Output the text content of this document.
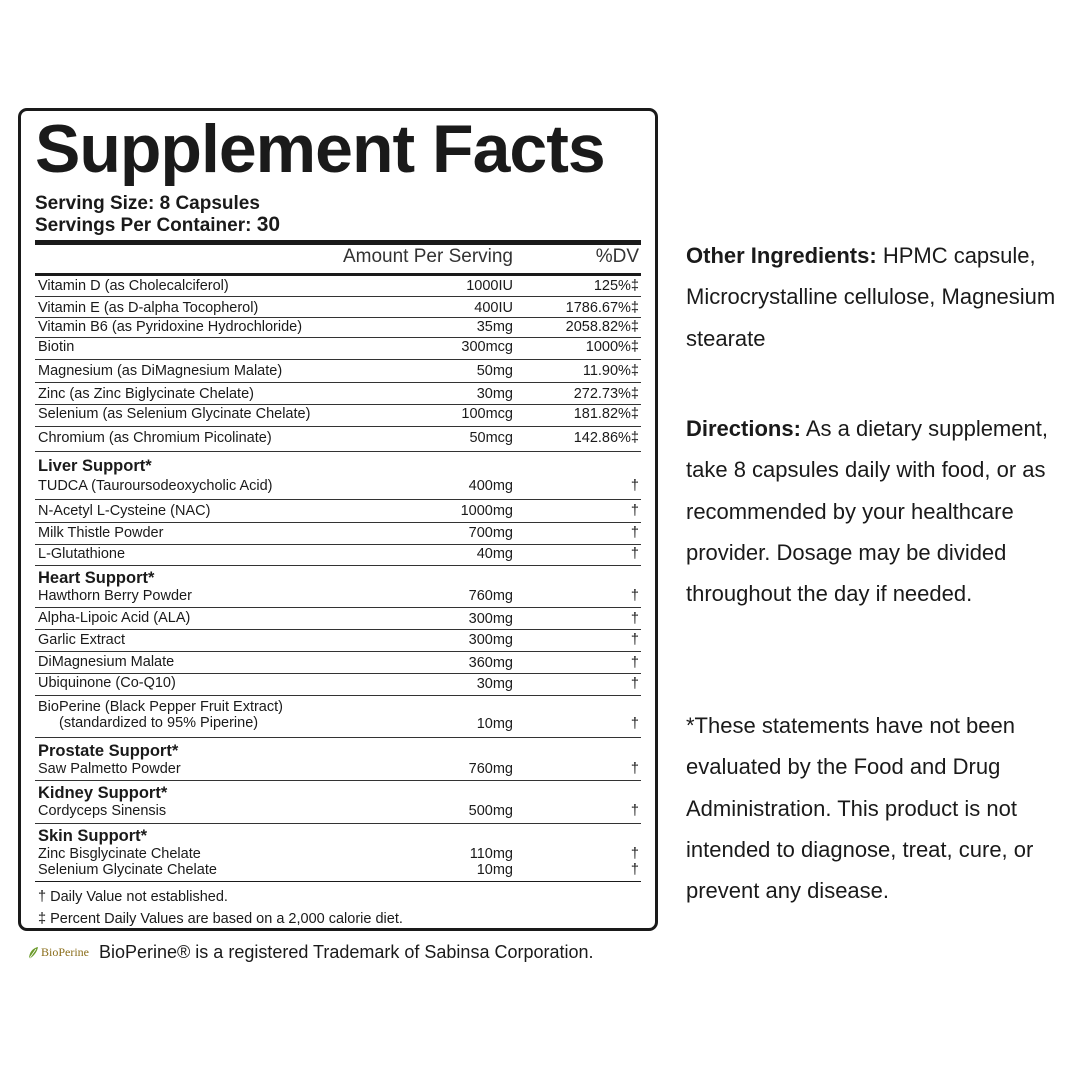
Supplement Facts
Serving Size: 8 Capsules
Servings Per Container: 30
Amount Per Serving	%DV
Vitamin D (as Cholecalciferol)	1000IU	125%‡
Vitamin E (as D-alpha Tocopherol)	400IU	1786.67%‡
Vitamin B6 (as Pyridoxine Hydrochloride)	35mg	2058.82%‡
Biotin	300mcg	1000%‡
Magnesium (as DiMagnesium Malate)	50mg	11.90%‡
Zinc (as Zinc Biglycinate Chelate)	30mg	272.73%‡
Selenium (as Selenium Glycinate Chelate)	100mcg	181.82%‡
Chromium (as Chromium Picolinate)	50mcg	142.86%‡
Liver Support*
TUDCA (Tauroursodeoxycholic Acid)	400mg	†
N-Acetyl L-Cysteine (NAC)	1000mg	†
Milk Thistle Powder	700mg	†
L-Glutathione	40mg	†
Heart Support*
Hawthorn Berry Powder	760mg	†
Alpha-Lipoic Acid (ALA)	300mg	†
Garlic Extract	300mg	†
DiMagnesium Malate	360mg	†
Ubiquinone (Co-Q10)	30mg	†
BioPerine (Black Pepper Fruit Extract)
(standardized to 95% Piperine)	10mg	†
Prostate Support*
Saw Palmetto Powder	760mg	†
Kidney Support*
Cordyceps Sinensis	500mg	†
Skin Support*
Zinc Bisglycinate Chelate	110mg	†
Selenium Glycinate Chelate	10mg	†
† Daily Value not established.
‡ Percent Daily Values are based on a 2,000 calorie diet.
BioPerine BioPerine® is a registered Trademark of Sabinsa Corporation.
Other Ingredients: HPMC capsule, Microcrystalline cellulose, Magnesium stearate
Directions: As a dietary supplement, take 8 capsules daily with food, or as recommended by your healthcare provider. Dosage may be divided throughout the day if needed.
*These statements have not been evaluated by the Food and Drug Administration. This product is not intended to diagnose, treat, cure, or prevent any disease.
